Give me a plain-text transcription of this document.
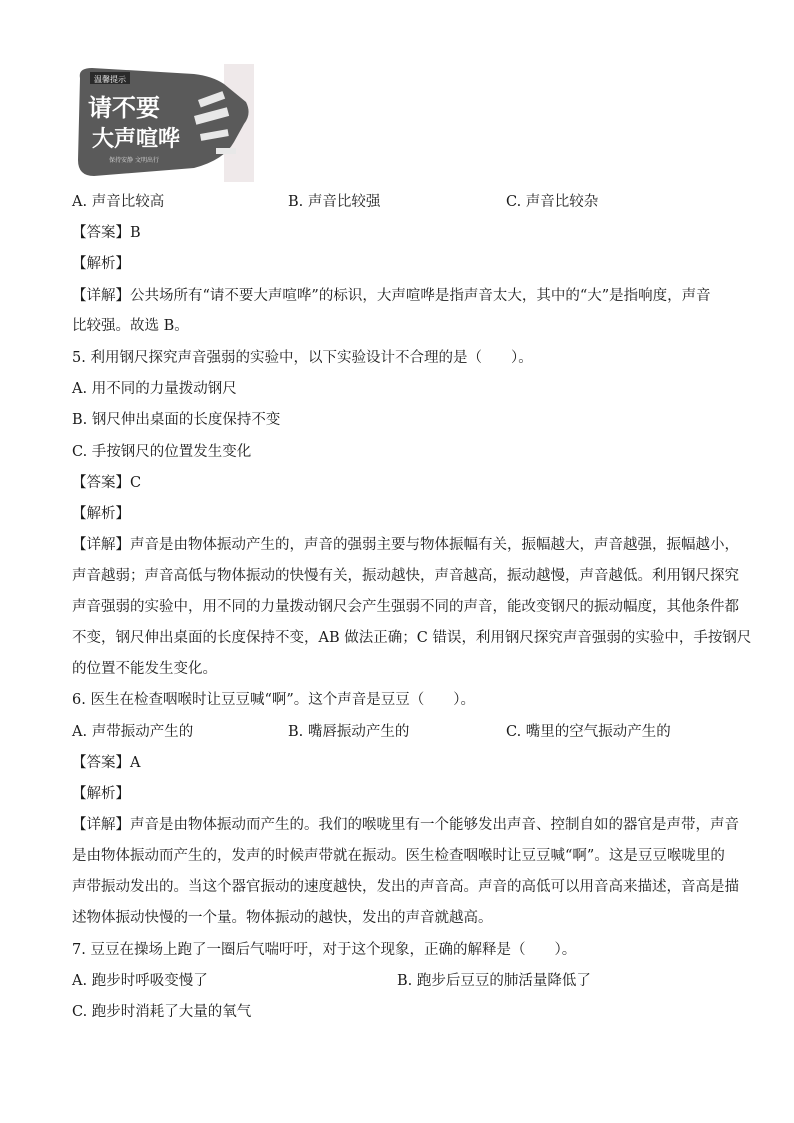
温馨提示
请不要
大声喧哗
保持安静 文明出行
A. 声音比较高	B. 声音比较强	C. 声音比较杂
【答案】B
【解析】
【详解】公共场所有“请不要大声喧哗”的标识，大声喧哗是指声音太大，其中的“大”是指响度，声音
比较强。故选 B。
5. 利用钢尺探究声音强弱的实验中，以下实验设计不合理的是（　　）。
A. 用不同的力量拨动钢尺
B. 钢尺伸出桌面的长度保持不变
C. 手按钢尺的位置发生变化
【答案】C
【解析】
【详解】声音是由物体振动产生的，声音的强弱主要与物体振幅有关，振幅越大，声音越强，振幅越小，
声音越弱；声音高低与物体振动的快慢有关，振动越快，声音越高，振动越慢，声音越低。利用钢尺探究
声音强弱的实验中，用不同的力量拨动钢尺会产生强弱不同的声音，能改变钢尺的振动幅度，其他条件都
不变，钢尺伸出桌面的长度保持不变，AB 做法正确；C 错误，利用钢尺探究声音强弱的实验中，手按钢尺
的位置不能发生变化。
6. 医生在检查咽喉时让豆豆喊“啊”。这个声音是豆豆（　　）。
A. 声带振动产生的	B. 嘴唇振动产生的	C. 嘴里的空气振动产生的
【答案】A
【解析】
【详解】声音是由物体振动而产生的。我们的喉咙里有一个能够发出声音、控制自如的器官是声带，声音
是由物体振动而产生的，发声的时候声带就在振动。医生检查咽喉时让豆豆喊“啊”。这是豆豆喉咙里的
声带振动发出的。当这个器官振动的速度越快，发出的声音高。声音的高低可以用音高来描述，音高是描
述物体振动快慢的一个量。物体振动的越快，发出的声音就越高。
7. 豆豆在操场上跑了一圈后气喘吁吁，对于这个现象，正确的解释是（　　）。
A. 跑步时呼吸变慢了	B. 跑步后豆豆的肺活量降低了
C. 跑步时消耗了大量的氧气
